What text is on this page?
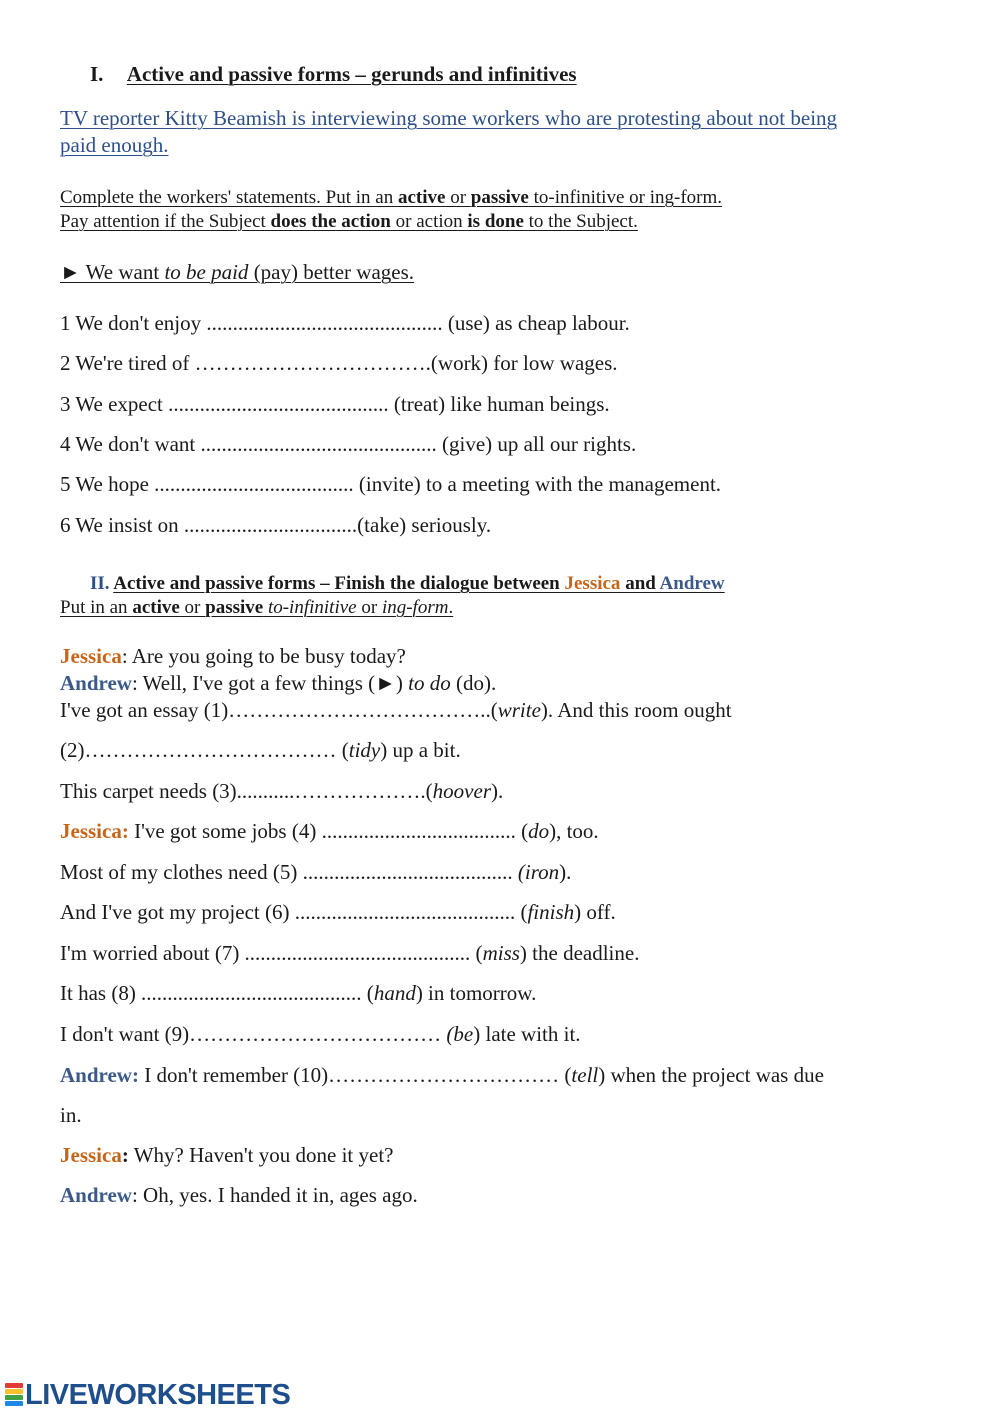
I. Active and passive forms – gerunds and infinitives
TV reporter Kitty Beamish is interviewing some workers who are protesting about not being
paid enough.
Complete the workers' statements. Put in an active or passive to-infinitive or ing-form.
Pay attention if the Subject does the action or action is done to the Subject.
► We want to be paid (pay) better wages.
1 We don't enjoy ............................................. (use) as cheap labour.
2 We're tired of …………………………….(work) for low wages.
3 We expect .......................................... (treat) like human beings.
4 We don't want ............................................. (give) up all our rights.
5 We hope ...................................... (invite) to a meeting with the management.
6 We insist on .................................(take) seriously.
II. Active and passive forms – Finish the dialogue between Jessica and Andrew
Put in an active or passive to-infinitive or ing-form.
Jessica: Are you going to be busy today?
Andrew: Well, I've got a few things (►) to do (do).
I've got an essay (1)………………………………..(write). And this room ought
(2)……………………………… (tidy) up a bit.
This carpet needs (3)...........……………….(hoover).
Jessica: I've got some jobs (4) ..................................... (do), too.
Most of my clothes need (5) ........................................ (iron).
And I've got my project (6) .......................................... (finish) off.
I'm worried about (7) ........................................... (miss) the deadline.
It has (8) .......................................... (hand) in tomorrow.
I don't want (9)……………………………… (be) late with it.
Andrew: I don't remember (10)…………………………… (tell) when the project was due
in.
Jessica: Why? Haven't you done it yet?
Andrew: Oh, yes. I handed it in, ages ago.
LIVEWORKSHEETS
